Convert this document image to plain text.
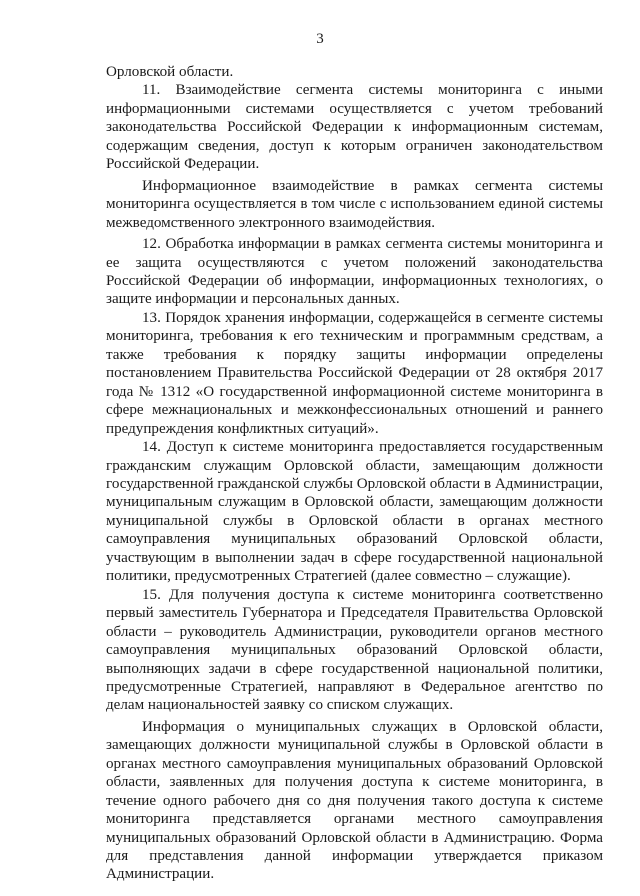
3

Орловской области.

11. Взаимодействие сегмента системы мониторинга с иными информационными системами осуществляется с учетом требований законодательства Российской Федерации к информационным системам, содержащим сведения, доступ к которым ограничен законодательством Российской Федерации.

Информационное взаимодействие в рамках сегмента системы мониторинга осуществляется в том числе с использованием единой системы межведомственного электронного взаимодействия.

12. Обработка информации в рамках сегмента системы мониторинга и ее защита осуществляются с учетом положений законодательства Российской Федерации об информации, информационных технологиях, о защите информации и персональных данных.

13. Порядок хранения информации, содержащейся в сегменте системы мониторинга, требования к его техническим и программным средствам, а также требования к порядку защиты информации определены постановлением Правительства Российской Федерации от 28 октября 2017 года № 1312 «О государственной информационной системе мониторинга в сфере межнациональных и межконфессиональных отношений и раннего предупреждения конфликтных ситуаций».

14. Доступ к системе мониторинга предоставляется государственным гражданским служащим Орловской области, замещающим должности государственной гражданской службы Орловской области в Администрации, муниципальным служащим в Орловской области, замещающим должности муниципальной службы в Орловской области в органах местного самоуправления муниципальных образований Орловской области, участвующим в выполнении задач в сфере государственной национальной политики, предусмотренных Стратегией (далее совместно – служащие).

15. Для получения доступа к системе мониторинга соответственно первый заместитель Губернатора и Председателя Правительства Орловской области – руководитель Администрации, руководители органов местного самоуправления муниципальных образований Орловской области, выполняющих задачи в сфере государственной национальной политики, предусмотренные Стратегией, направляют в Федеральное агентство по делам национальностей заявку со списком служащих.

Информация о муниципальных служащих в Орловской области, замещающих должности муниципальной службы в Орловской области в органах местного самоуправления муниципальных образований Орловской области, заявленных для получения доступа к системе мониторинга, в течение одного рабочего дня со дня получения такого доступа к системе мониторинга представляется органами местного самоуправления муниципальных образований Орловской области в Администрацию. Форма для представления данной информации утверждается приказом Администрации.
